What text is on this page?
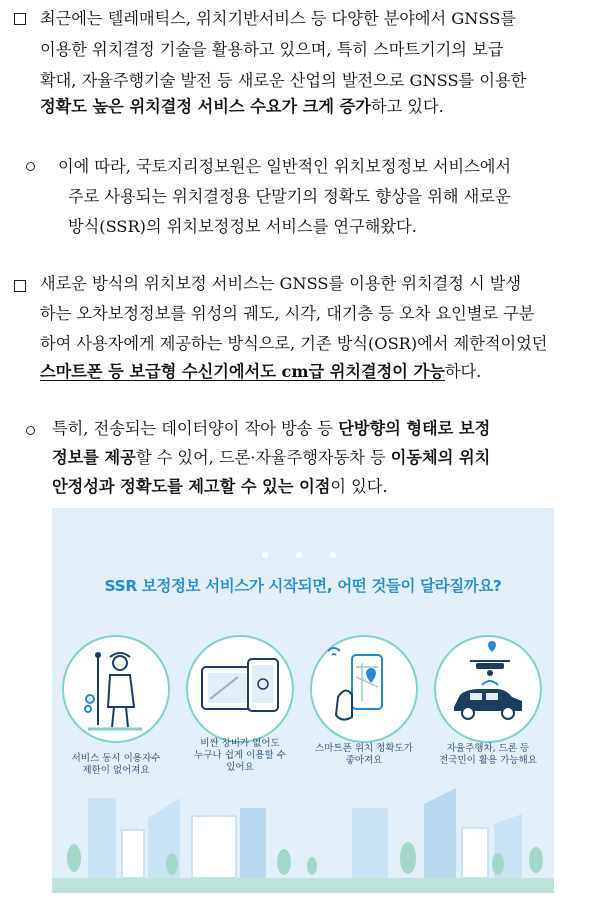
최근에는 텔레매틱스, 위치기반서비스 등 다양한 분야에서 GNSS를
이용한 위치결정 기술을 활용하고 있으며, 특히 스마트기기의 보급
확대, 자율주행기술 발전 등 새로운 산업의 발전으로 GNSS를 이용한
정확도 높은 위치결정 서비스 수요가 크게 증가하고 있다.
이에 따라, 국토지리정보원은 일반적인 위치보정정보 서비스에서
주로 사용되는 위치결정용 단말기의 정확도 향상을 위해 새로운
방식(SSR)의 위치보정정보 서비스를 연구해왔다.
새로운 방식의 위치보정 서비스는 GNSS를 이용한 위치결정 시 발생
하는 오차보정정보를 위성의 궤도, 시각, 대기층 등 오차 요인별로 구분
하여 사용자에게 제공하는 방식으로, 기존 방식(OSR)에서 제한적이었던
스마트폰 등 보급형 수신기에서도 cm급 위치결정이 가능하다.
특히, 전송되는 데이터양이 작아 방송 등 단방향의 형태로 보정
정보를 제공할 수 있어, 드론·자율주행자동차 등 이동체의 위치
안정성과 정확도를 제고할 수 있는 이점이 있다.
• • •
SSR 보정정보 서비스가 시작되면, 어떤 것들이 달라질까요?
서비스 동시 이용자수
제한이 없어져요
비싼 장비가 없어도
누구나 쉽게 이용할 수
있어요
스마트폰 위치 정확도가
좋아져요
자율주행차, 드론 등
전국민이 활용 가능해요
